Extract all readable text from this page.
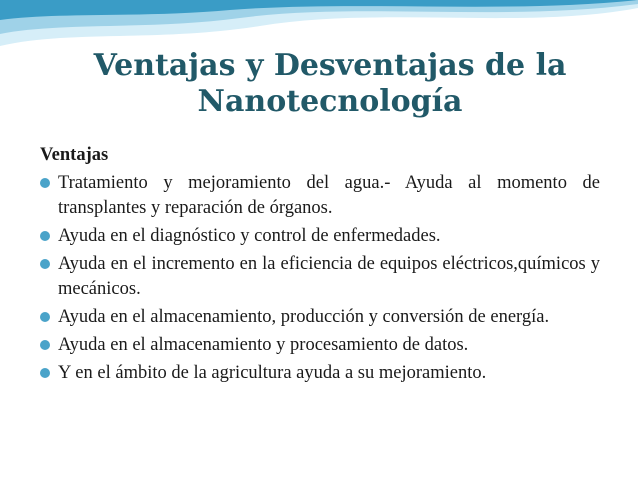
Ventajas y Desventajas de la
Nanotecnología
Ventajas
Tratamiento y mejoramiento del agua.- Ayuda al momento de transplantes y reparación de órganos.
Ayuda en el diagnóstico y control de enfermedades.
Ayuda en el incremento en la eficiencia de equipos eléctricos,químicos y mecánicos.
Ayuda en el almacenamiento, producción y conversión de energía.
Ayuda en el almacenamiento y procesamiento de datos.
Y en el ámbito de la agricultura ayuda a su mejoramiento.
